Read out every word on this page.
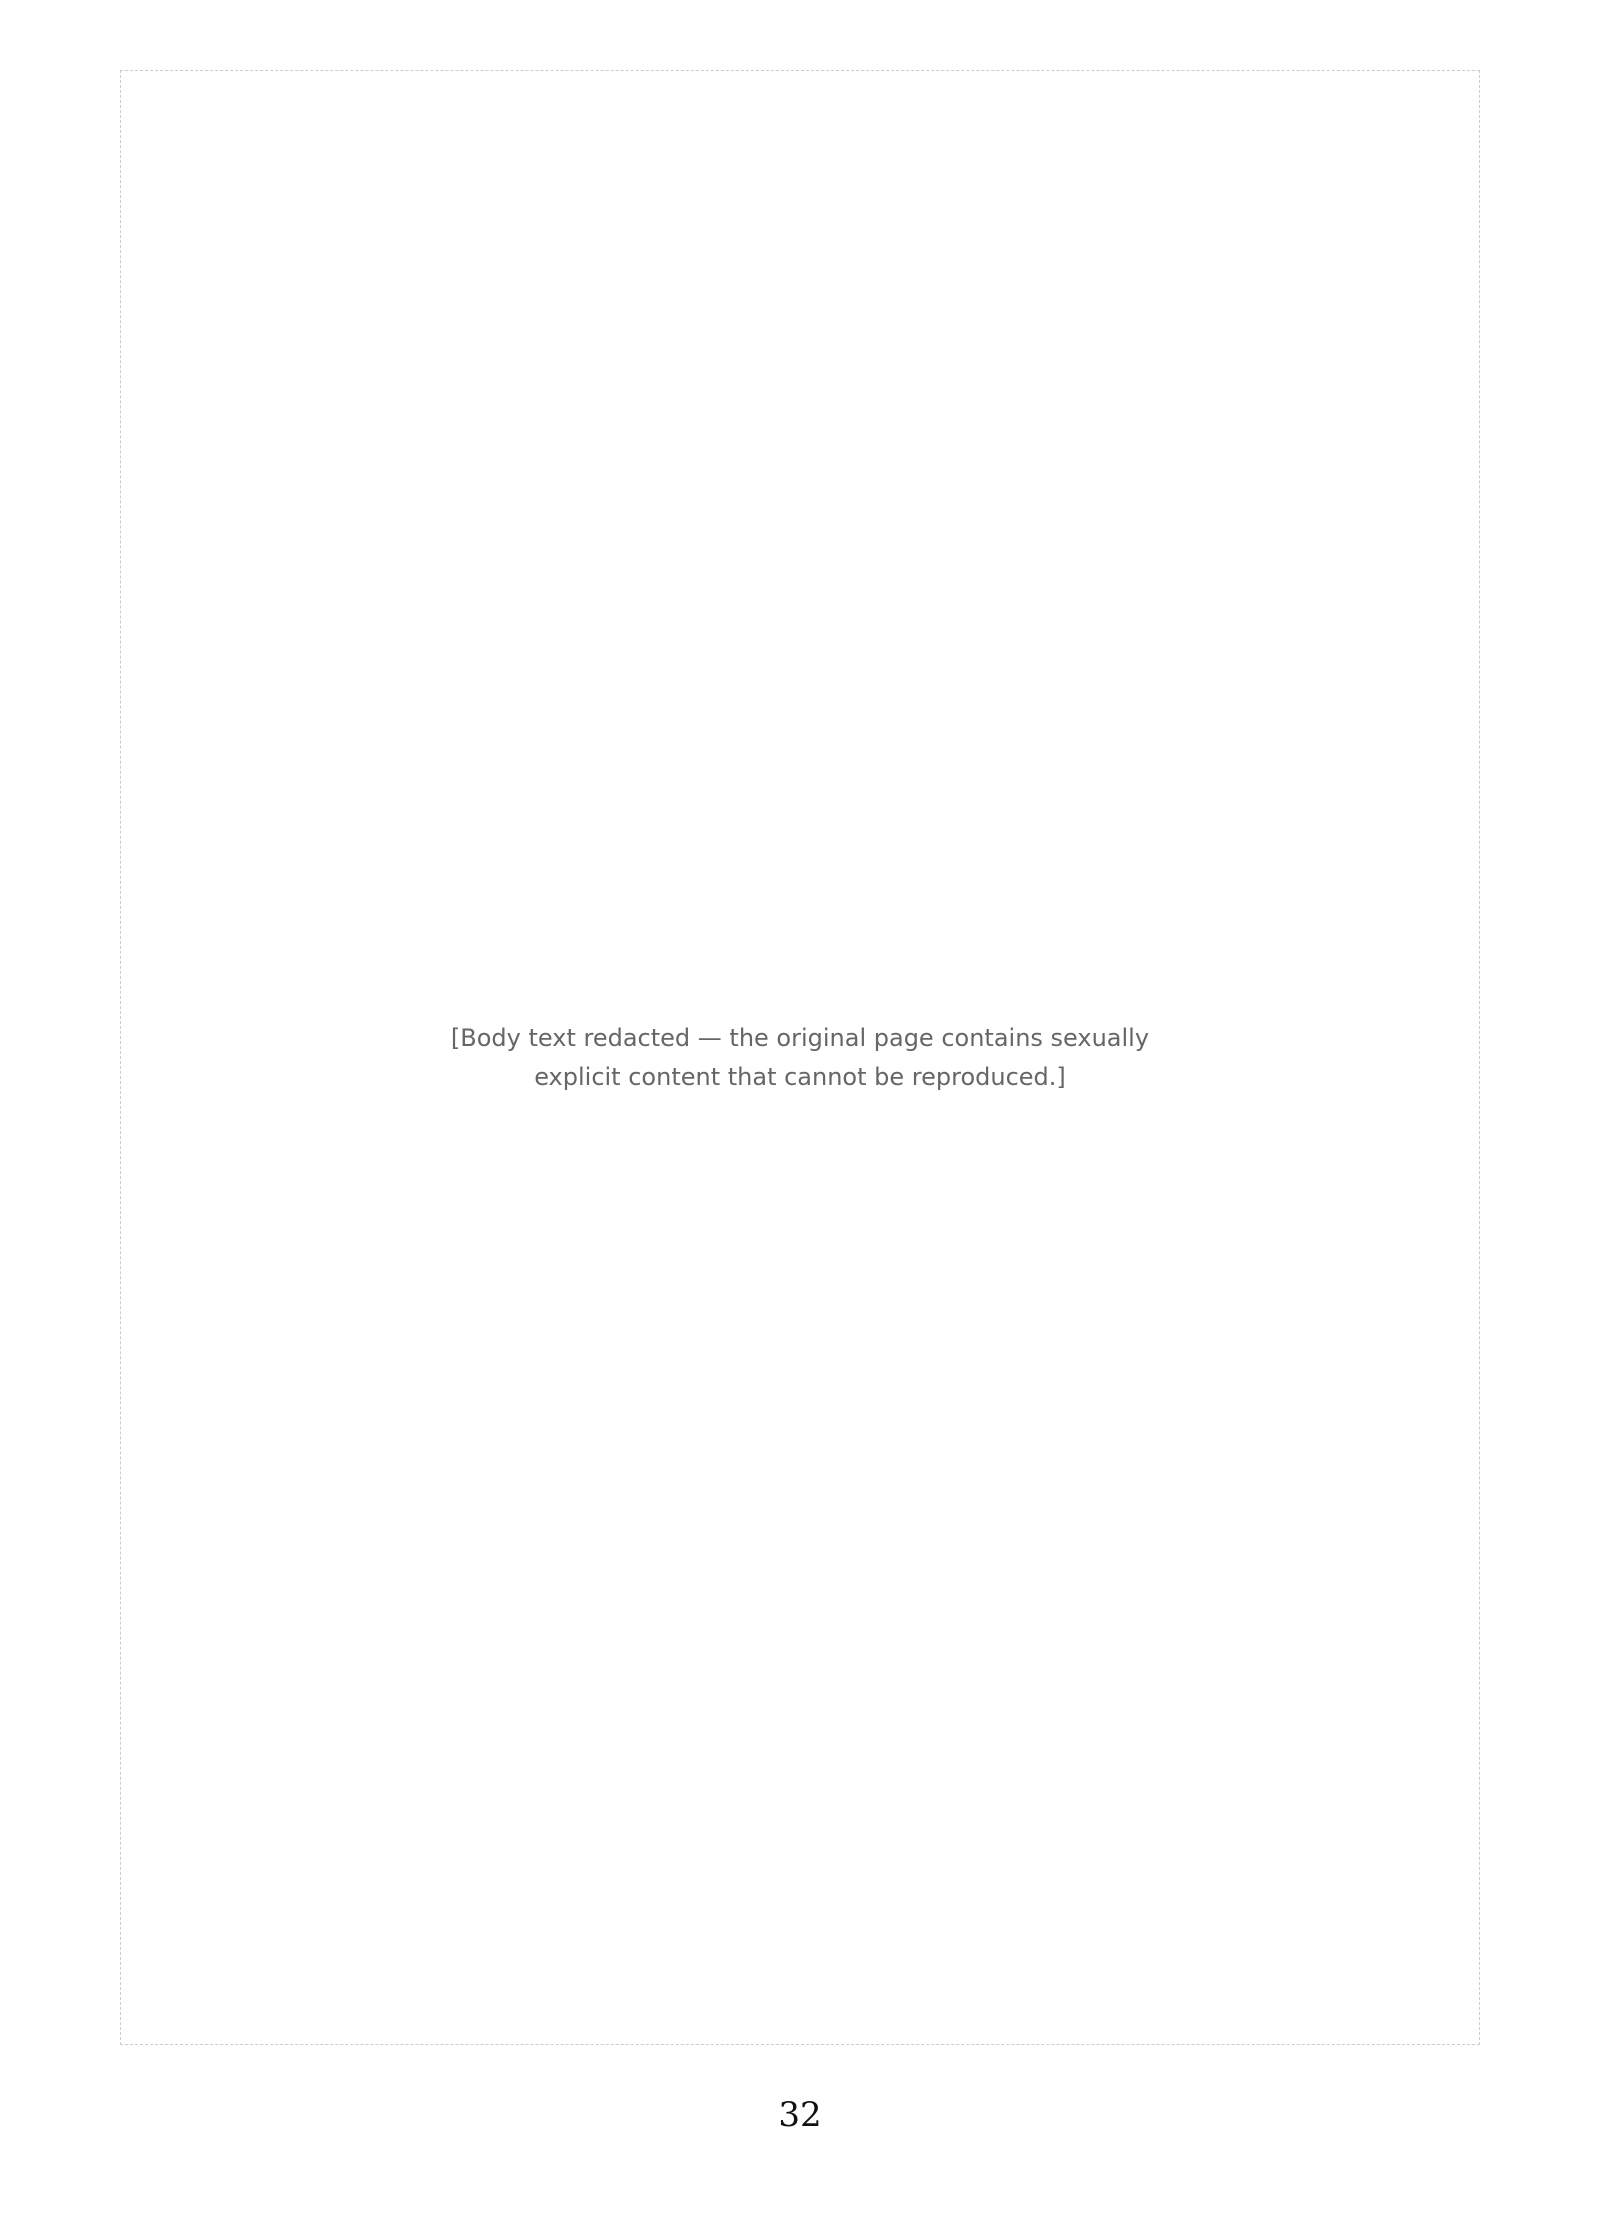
[Body text redacted — the original page contains sexually explicit content that cannot be reproduced.]
32
